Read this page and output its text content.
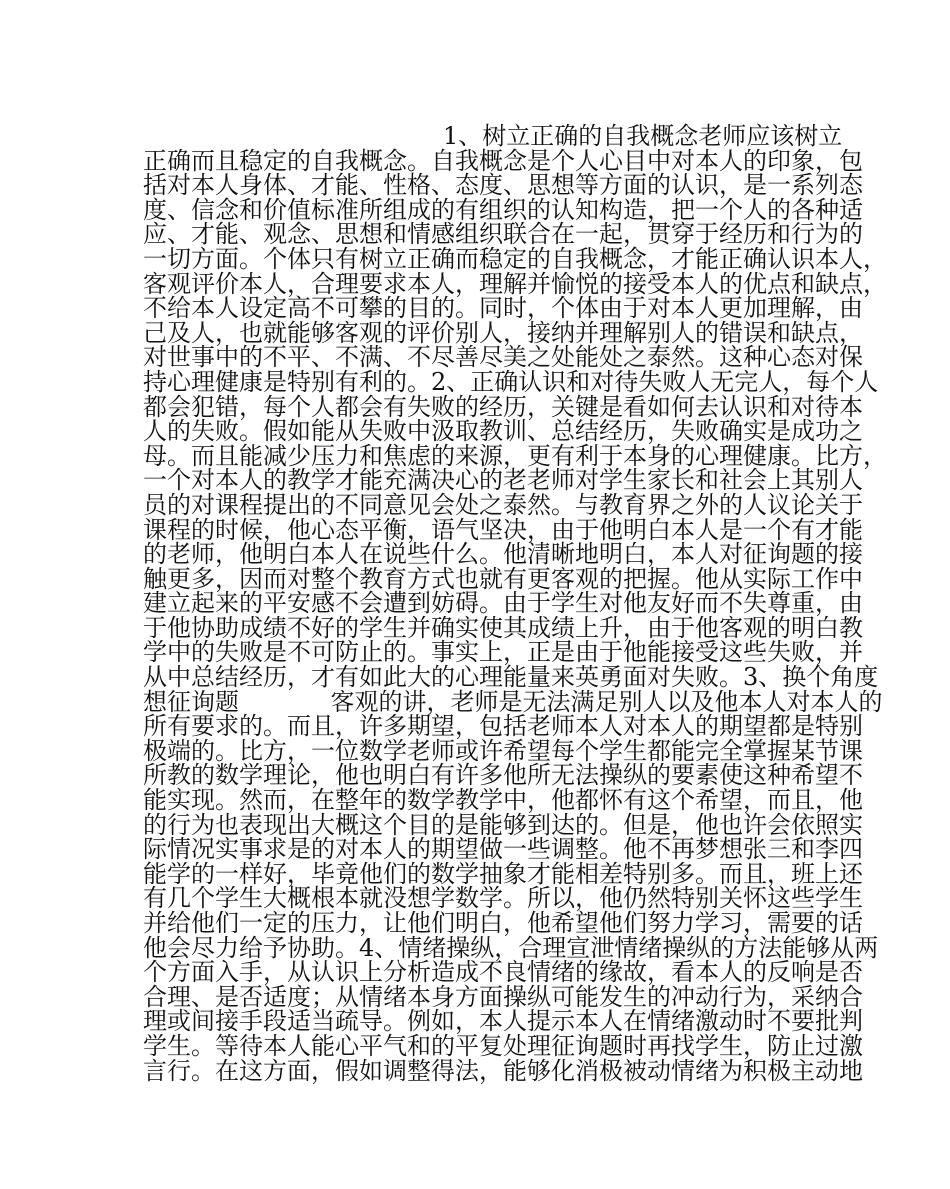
1、树立正确的自我概念老师应该树立
正确而且稳定的自我概念。自我概念是个人心目中对本人的印象，包
括对本人身体、才能、性格、态度、思想等方面的认识，是一系列态
度、信念和价值标准所组成的有组织的认知构造，把一个人的各种适
应、才能、观念、思想和情感组织联合在一起，贯穿于经历和行为的
一切方面。个体只有树立正确而稳定的自我概念，才能正确认识本人，
客观评价本人，合理要求本人，理解并愉悦的接受本人的优点和缺点，
不给本人设定高不可攀的目的。同时，个体由于对本人更加理解，由
己及人，也就能够客观的评价别人，接纳并理解别人的错误和缺点，
对世事中的不平、不满、不尽善尽美之处能处之泰然。这种心态对保
持心理健康是特别有利的。2、正确认识和对待失败人无完人，每个人
都会犯错，每个人都会有失败的经历，关键是看如何去认识和对待本
人的失败。假如能从失败中汲取教训、总结经历，失败确实是成功之
母。而且能减少压力和焦虑的来源，更有利于本身的心理健康。比方，
一个对本人的教学才能充满决心的老老师对学生家长和社会上其别人
员的对课程提出的不同意见会处之泰然。与教育界之外的人议论关于
课程的时候，他心态平衡，语气坚决，由于他明白本人是一个有才能
的老师，他明白本人在说些什么。他清晰地明白，本人对征询题的接
触更多，因而对整个教育方式也就有更客观的把握。他从实际工作中
建立起来的平安感不会遭到妨碍。由于学生对他友好而不失尊重，由
于他协助成绩不好的学生并确实使其成绩上升，由于他客观的明白教
学中的失败是不可防止的。事实上，正是由于他能接受这些失败，并
从中总结经历，才有如此大的心理能量来英勇面对失败。3、换个角度
想征询题            客观的讲，老师是无法满足别人以及他本人对本人的
所有要求的。而且，许多期望，包括老师本人对本人的期望都是特别
极端的。比方，一位数学老师或许希望每个学生都能完全掌握某节课
所教的数学理论，他也明白有许多他所无法操纵的要素使这种希望不
能实现。然而，在整年的数学教学中，他都怀有这个希望，而且，他
的行为也表现出大概这个目的是能够到达的。但是，他也许会依照实
际情况实事求是的对本人的期望做一些调整。他不再梦想张三和李四
能学的一样好，毕竟他们的数学抽象才能相差特别多。而且，班上还
有几个学生大概根本就没想学数学。所以，他仍然特别关怀这些学生
并给他们一定的压力，让他们明白，他希望他们努力学习，需要的话
他会尽力给予协助。4、情绪操纵，合理宣泄情绪操纵的方法能够从两
个方面入手，从认识上分析造成不良情绪的缘故，看本人的反响是否
合理、是否适度；从情绪本身方面操纵可能发生的冲动行为，采纳合
理或间接手段适当疏导。例如，本人提示本人在情绪激动时不要批判
学生。等待本人能心平气和的平复处理征询题时再找学生，防止过激
言行。在这方面，假如调整得法，能够化消极被动情绪为积极主动地
